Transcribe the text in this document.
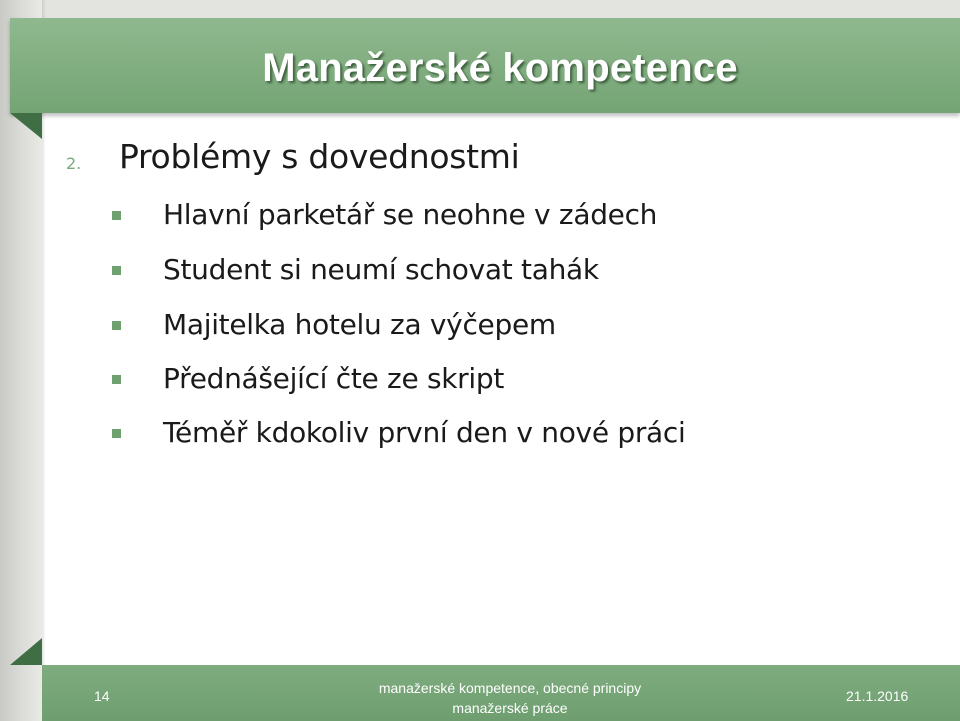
Manažerské kompetence
2. Problémy s dovednostmi
Hlavní parketář se neohne v zádech
Student si neumí schovat tahák
Majitelka hotelu za výčepem
Přednášející čte ze skript
Téměř kdokoliv první den v nové práci
14	manažerské kompetence, obecné principy
manažerské práce
21.1.2016
